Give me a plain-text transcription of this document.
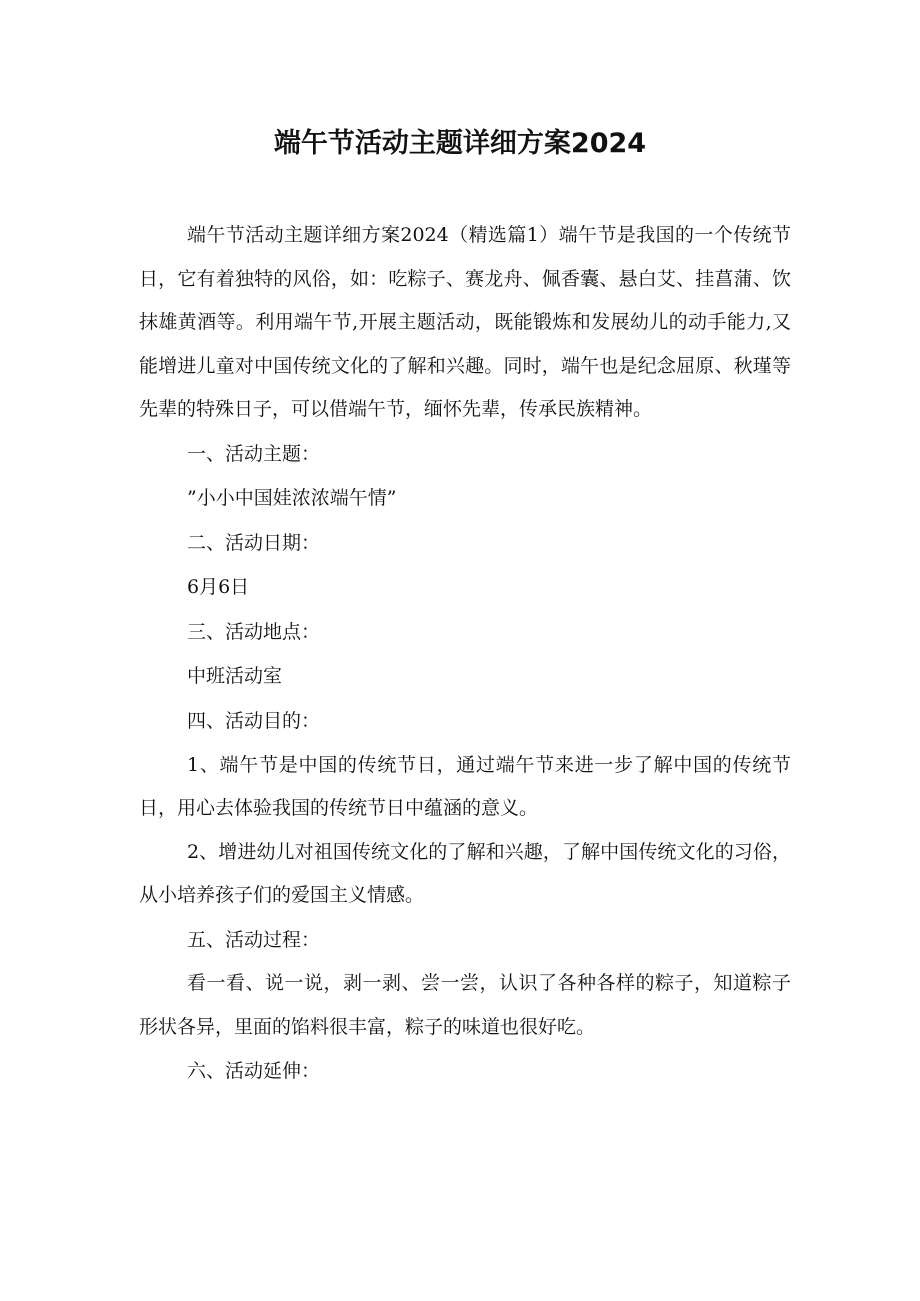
端午节活动主题详细方案2024

端午节活动主题详细方案2024（精选篇1）端午节是我国的一个传统节日，它有着独特的风俗，如：吃粽子、赛龙舟、佩香囊、悬白艾、挂菖蒲、饮抹雄黄酒等。利用端午节,开展主题活动，既能锻炼和发展幼儿的动手能力,又能增进儿童对中国传统文化的了解和兴趣。同时，端午也是纪念屈原、秋瑾等先辈的特殊日子，可以借端午节，缅怀先辈，传承民族精神。

一、活动主题：

”小小中国娃浓浓端午情”

二、活动日期：

6月6日

三、活动地点：

中班活动室

四、活动目的：

1、端午节是中国的传统节日，通过端午节来进一步了解中国的传统节日，用心去体验我国的传统节日中蕴涵的意义。

2、增进幼儿对祖国传统文化的了解和兴趣，了解中国传统文化的习俗，从小培养孩子们的爱国主义情感。

五、活动过程：

看一看、说一说，剥一剥、尝一尝，认识了各种各样的粽子，知道粽子形状各异，里面的馅料很丰富，粽子的味道也很好吃。

六、活动延伸：
